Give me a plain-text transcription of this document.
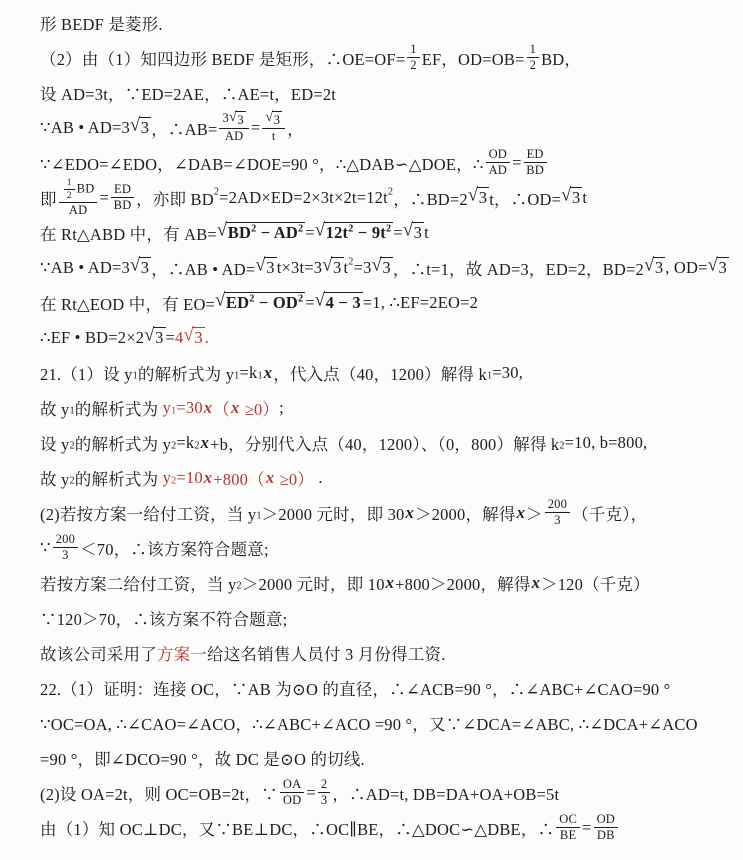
形 BEDF 是菱形.
（2）由（1）知四边形 BEDF 是矩形，∴OE=OF= $\frac{1}{2}$ EF，$OD=OB= \frac{1}{2}$ BD，
设 AD=3t，∵ED=2AE，∴AE=t，ED=2t
∵AB • AD=3 √ 3 ，∴AB= $\frac{3 √ 3}{AD} = \frac{√ 3}{t}$ ，
∵∠EDO=∠EDO，∠DAB=∠DOE=90 °，∴△DAB∽△DOE，∴ $\frac{OD}{AD} = \frac{ED}{BD}$
即 $\frac{\frac{1}{2} BD}{AD} = \frac{ED}{BD}$ ，亦即 $BD^2 =2AD\times ED=2\times 3t\times 2t=12t^2$ ，∴BD=2 √ 3 t，∴OD= √ 3 t
在 Rt△ABD 中，有 AB= √ $BD^2 - AD^2$ = √ $12t^2 - 9t^2$ = √ 3 t
∵AB • AD=3 √ 3 ，∴AB • AD= √ 3 t×3t=3 √ 3 $t^2 =3$ √ 3 ，∴t=1，故 AD=3，ED=2，BD=2 √ 3 , OD= √ 3
在 Rt△EOD 中，有 EO= √ $ED^2 - OD^2$ = √ 4 − 3 =1, ∴EF=2EO=2
∴EF • BD=2×2 √ 3 = 4 √ 3 .
21.（1）设 $y_1$ 的解析式为 $y_1 =k_1$ x ，代入点（40，1200）解得 $k_1 =30$,
故 $y_1$ 的解析式为 $y_1 =30$ x （ x ≥0） ;
设 $y_2$ 的解析式为 $y_2 =k_2$ x +b，分别代入点（40，1200）、（0，800）解得 $k_2 =10$, b=800,
故 $y_2$ 的解析式为 $y_2 =10$ x +800（ x ≥0） .
(2)若按方案一给付工资，当 $y_1 >2000$ 元时，即 30 x ＞2000，解得 $x > \frac{200}{3}$ （千克），
∵ $\frac{200}{3} <70$，∴该方案符合题意;
若按方案二给付工资，当 $y_2 >2000$ 元时，即 10 x +800＞2000，解得 x ＞120（千克）
∵120＞70，∴该方案不符合题意;
故该公司采用了 方案一 给这名销售人员付 3 月份得工资.
22.（1）证明：连接 OC，∵AB 为⊙O 的直径，∴∠ACB=90 °，∴∠ABC+∠CAO=90 °
∵OC=OA, ∴∠CAO=∠ACO，∴∠ABC+∠ACO =90 °，又∵∠DCA=∠ABC, ∴∠DCA+∠ACO
=90 °，即∠DCO=90 °，故 DC 是⊙O 的切线.
(2)设 OA=2t，则 OC=OB=2t，∵ $\frac{OA}{OD} = \frac{2}{3}$ ，∴AD=t, DB=DA+OA+OB=5t
由（1）知 OC⊥DC，又∵BE⊥DC，∴OC∥BE，∴△DOC∽△DBE，∴ $\frac{OC}{BE} = \frac{OD}{DB}$
